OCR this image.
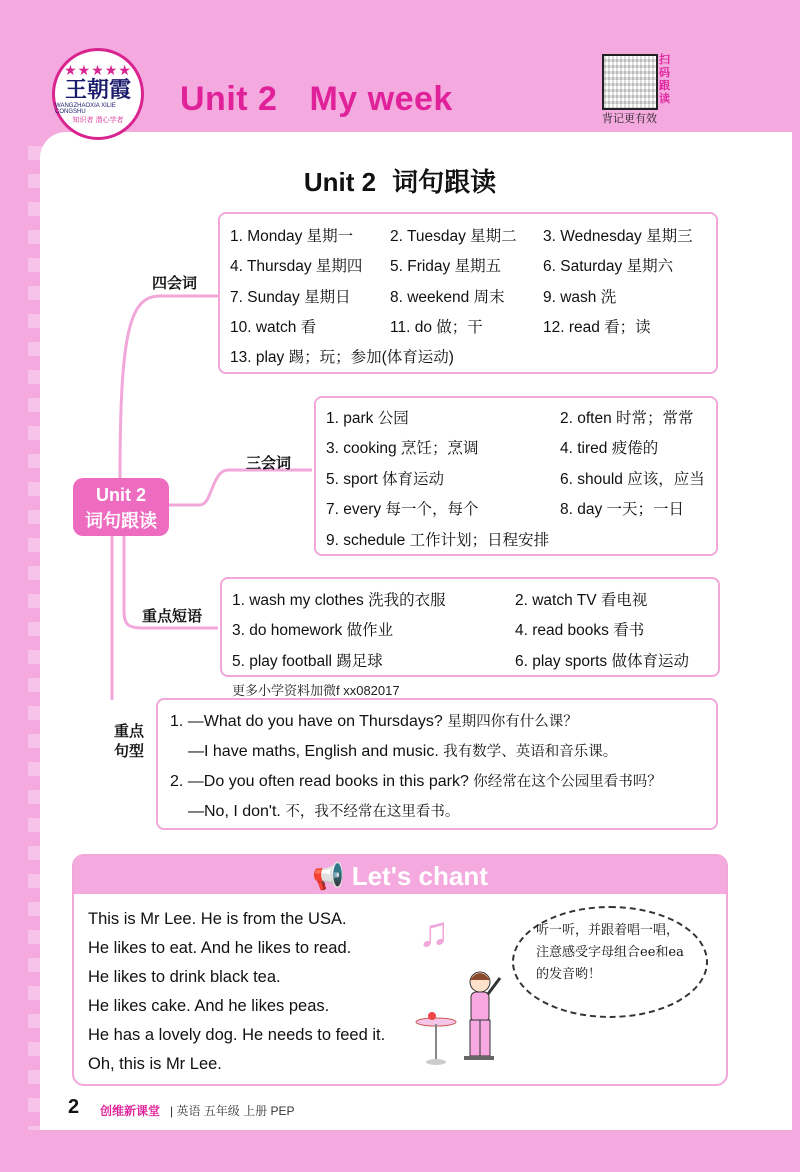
★★★★★
王朝霞
WANGZHAOXIA XILIE CONGSHU
知识者 潜心学者
Unit 2 My week
扫码跟读
背记更有效
Unit 2 词句跟读
Unit 2
词句跟读
四会词
1. Monday 星期一 2. Tuesday 星期二 3. Wednesday 星期三
4. Thursday 星期四 5. Friday 星期五	6. Saturday 星期六
7. Sunday 星期日	8. weekend 周末 9. wash 洗
10. watch 看	11. do 做；干	12. read 看；读
13. play 踢；玩；参加(体育运动)
三会词
1. park 公园	2. often 时常；常常
3. cooking 烹饪；烹调	4. tired 疲倦的
5. sport 体育运动	6. should 应该，应当
7. every 每一个，每个	8. day 一天；一日
9. schedule 工作计划；日程安排
重点短语
1. wash my clothes 洗我的衣服	2. watch TV 看电视
3. do homework 做作业	4. read books 看书
5. play football 踢足球	6. play sports 做体育运动
更多小学资料加微f xx082017
重点
句型
1. —What do you have on Thursdays? 星期四你有什么课？
—I have maths, English and music. 我有数学、英语和音乐课。
2. —Do you often read books in this park? 你经常在这个公园里看书吗？
—No, I don't. 不，我不经常在这里看书。
📢 Let's chant
This is Mr Lee. He is from the USA.
He likes to eat. And he likes to read.
He likes to drink black tea.
He likes cake. And he likes peas.
He has a lovely dog. He needs to feed it.
Oh, this is Mr Lee.
♫	听一听，并跟着唱一唱，注意感受字母组合ee和ea的发音哟！
2 创维新课堂 | 英语 五年级 上册 PEP
